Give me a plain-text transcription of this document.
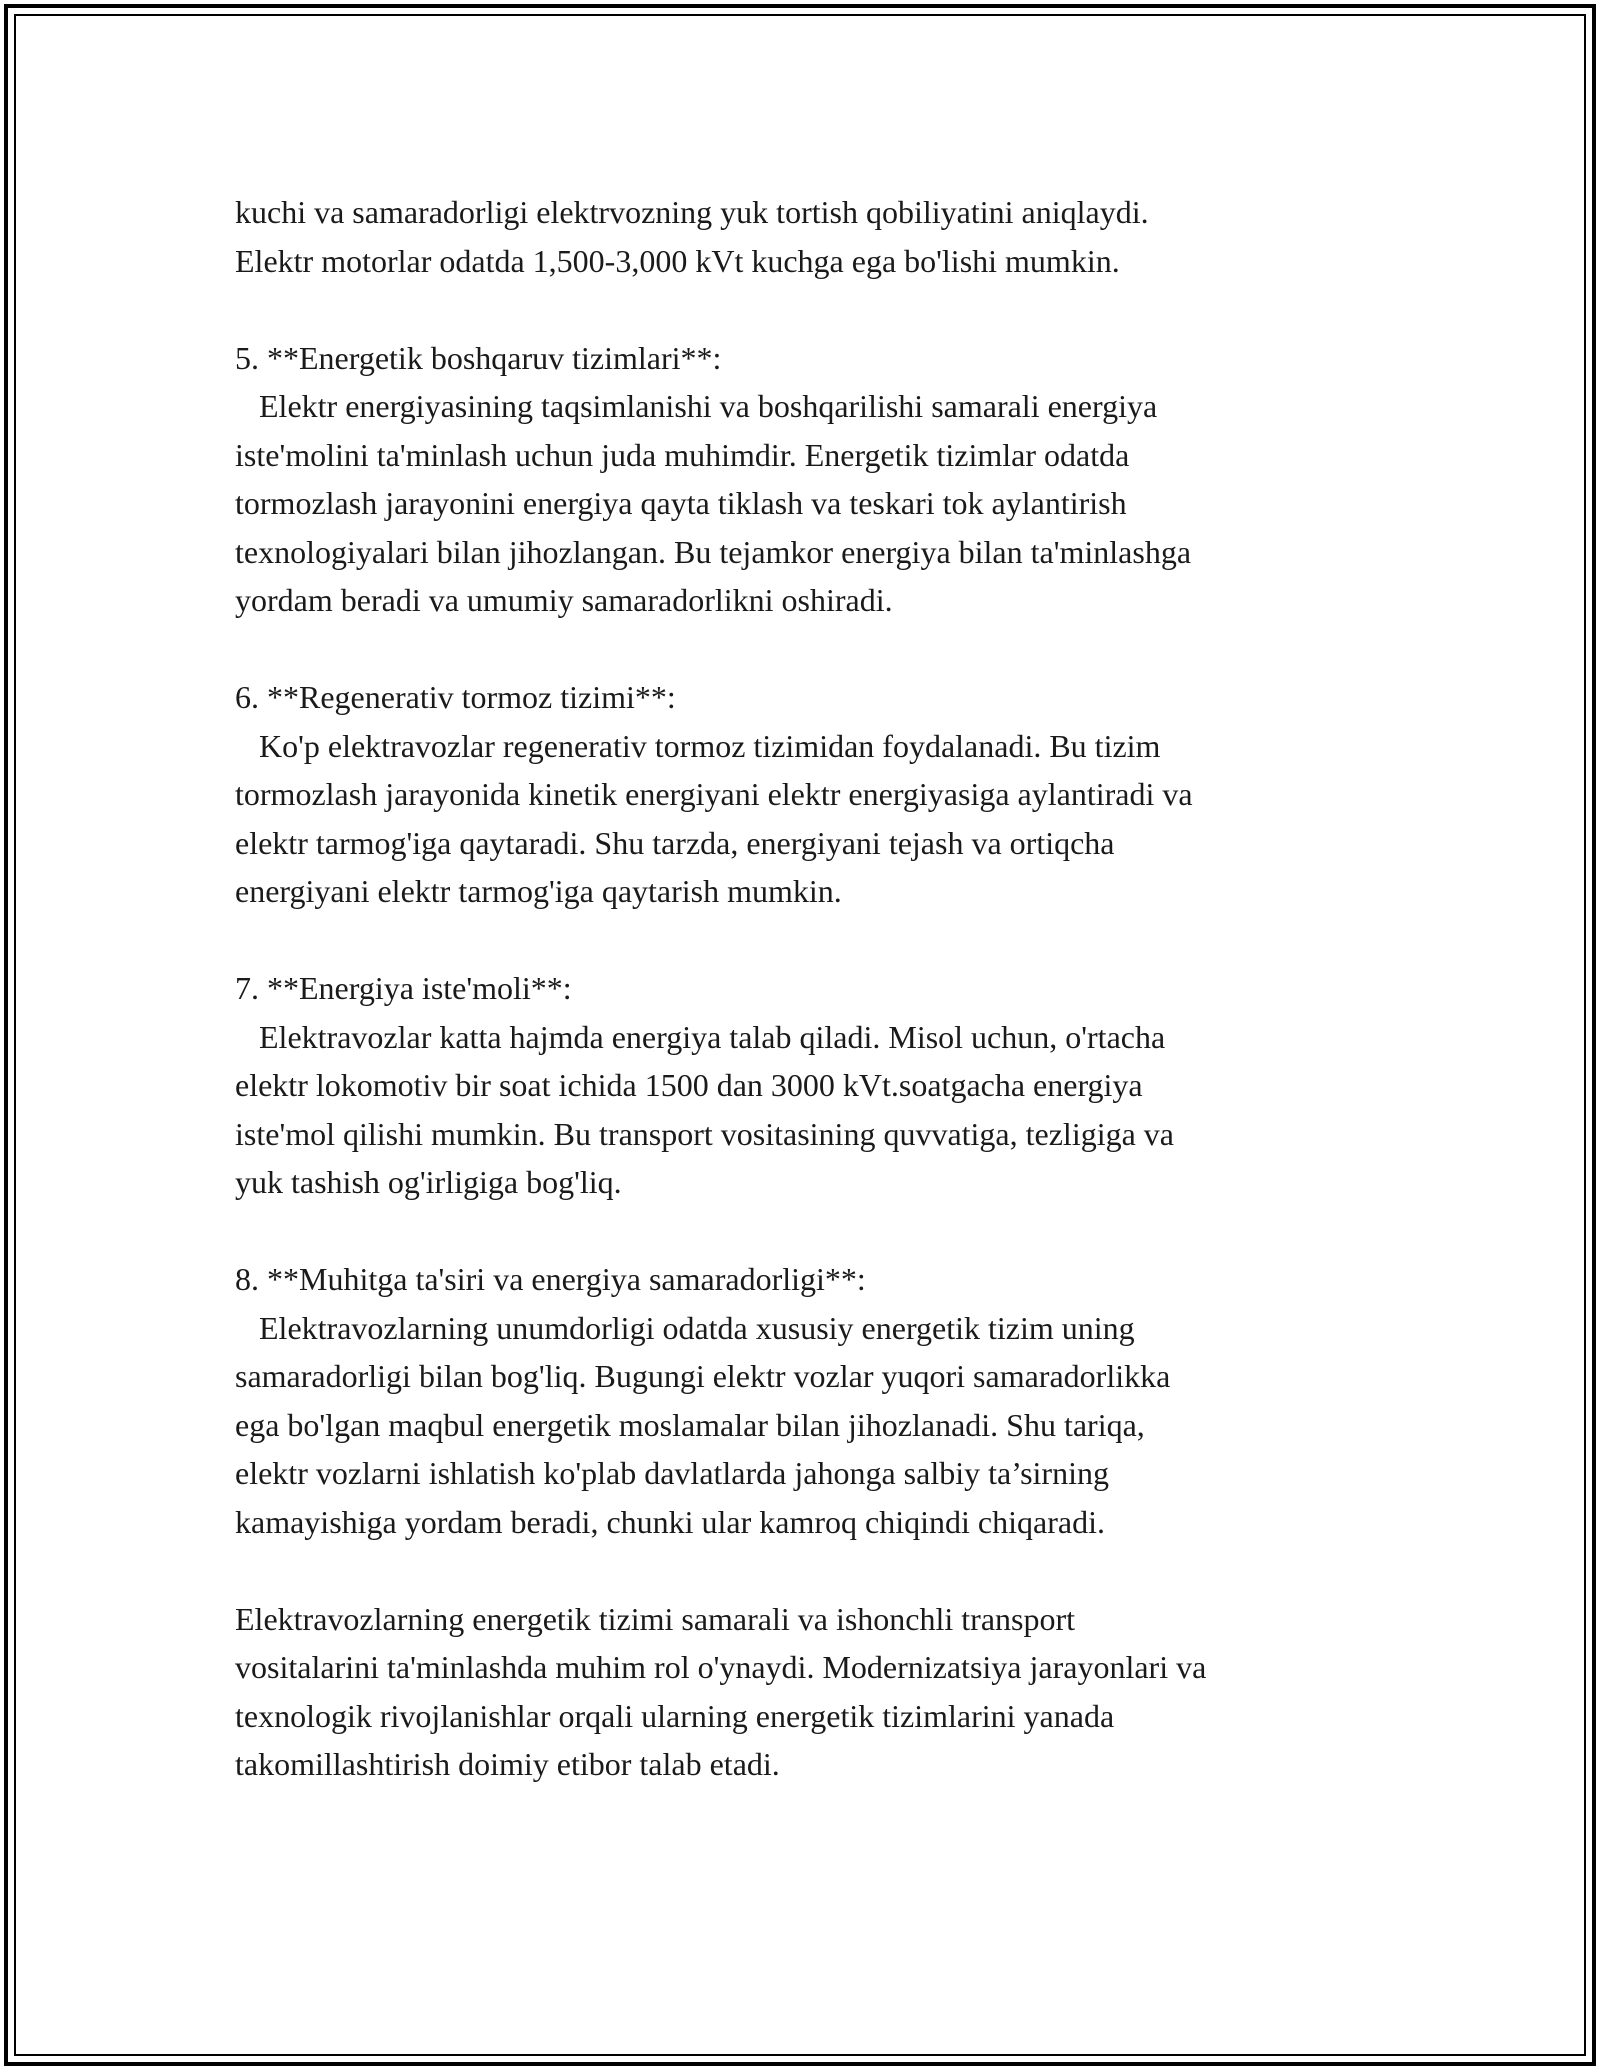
kuchi va samaradorligi elektrvozning yuk tortish qobiliyatini aniqlaydi.
Elektr motorlar odatda 1,500-3,000 kVt kuchga ega bo'lishi mumkin.
5. **Energetik boshqaruv tizimlari**:
Elektr energiyasining taqsimlanishi va boshqarilishi samarali energiya
iste'molini ta'minlash uchun juda muhimdir. Energetik tizimlar odatda
tormozlash jarayonini energiya qayta tiklash va teskari tok aylantirish
texnologiyalari bilan jihozlangan. Bu tejamkor energiya bilan ta'minlashga
yordam beradi va umumiy samaradorlikni oshiradi.
6. **Regenerativ tormoz tizimi**:
Ko'p elektravozlar regenerativ tormoz tizimidan foydalanadi. Bu tizim
tormozlash jarayonida kinetik energiyani elektr energiyasiga aylantiradi va
elektr tarmog'iga qaytaradi. Shu tarzda, energiyani tejash va ortiqcha
energiyani elektr tarmog'iga qaytarish mumkin.
7. **Energiya iste'moli**:
Elektravozlar katta hajmda energiya talab qiladi. Misol uchun, o'rtacha
elektr lokomotiv bir soat ichida 1500 dan 3000 kVt.soatgacha energiya
iste'mol qilishi mumkin. Bu transport vositasining quvvatiga, tezligiga va
yuk tashish og'irligiga bog'liq.
8. **Muhitga ta'siri va energiya samaradorligi**:
Elektravozlarning unumdorligi odatda xususiy energetik tizim uning
samaradorligi bilan bog'liq. Bugungi elektr vozlar yuqori samaradorlikka
ega bo'lgan maqbul energetik moslamalar bilan jihozlanadi. Shu tariqa,
elektr vozlarni ishlatish ko'plab davlatlarda jahonga salbiy ta’sirning
kamayishiga yordam beradi, chunki ular kamroq chiqindi chiqaradi.
Elektravozlarning energetik tizimi samarali va ishonchli transport
vositalarini ta'minlashda muhim rol o'ynaydi. Modernizatsiya jarayonlari va
texnologik rivojlanishlar orqali ularning energetik tizimlarini yanada
takomillashtirish doimiy etibor talab etadi.
